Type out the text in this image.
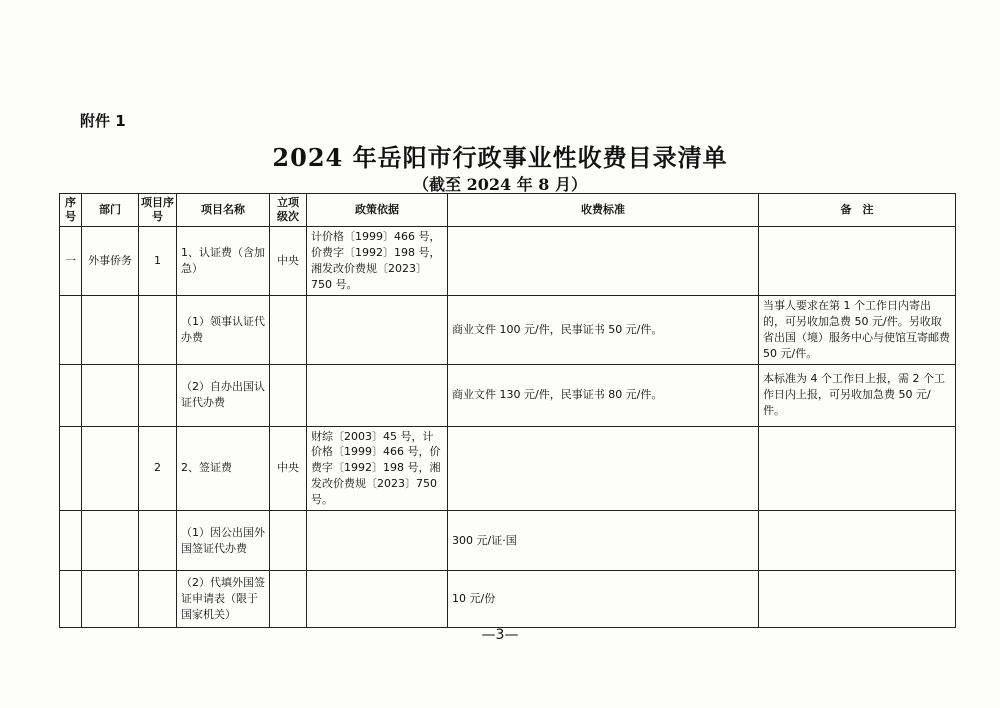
附件 1
2024 年岳阳市行政事业性收费目录清单
（截至 2024 年 8 月）
序号	部门	项目序号	项目名称	立项级次	政策依据	收费标准	备　注
一	外事侨务	1	1、认证费（含加急）	中央	计价格〔1999〕466 号，价费字〔1992〕198 号，湘发改价费规〔2023〕750 号。		
			（1）领事认证代办费			商业文件 100 元/件，民事证书 50 元/件。	当事人要求在第 1 个工作日内寄出的，可另收加急费 50 元/件。另收取省出国（境）服务中心与使馆互寄邮费 50 元/件。
			（2）自办出国认证代办费			商业文件 130 元/件，民事证书 80 元/件。	本标准为 4 个工作日上报，需 2 个工作日内上报，可另收加急费 50 元/件。
		2	2、签证费	中央	财综〔2003〕45 号，计价格〔1999〕466 号，价费字〔1992〕198 号，湘发改价费规〔2023〕750 号。		
			（1）因公出国外国签证代办费			300 元/证·国	
			（2）代填外国签证申请表（限于国家机关）			10 元/份	
—3—
